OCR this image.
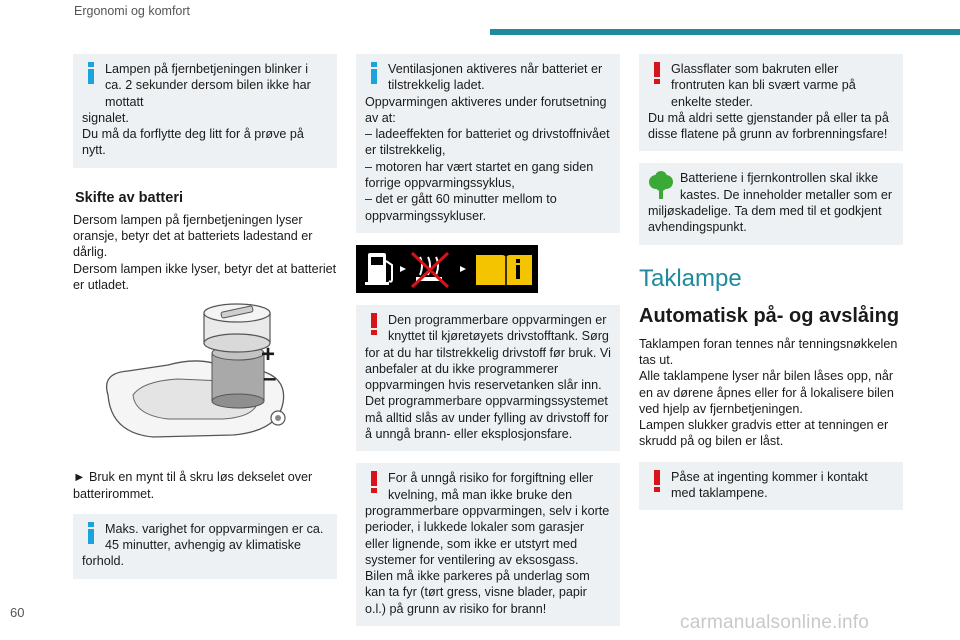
Ergonomi og komfort
Lampen på fjernbetjeningen blinker i ca. 2 sekunder dersom bilen ikke har mottatt

signalet.
Du må da forflytte deg litt for å prøve på nytt.

Skifte av batteri
Dersom lampen på fjernbetjeningen lyser oransje, betyr det at batteriets ladestand er dårlig.
Dersom lampen ikke lyser, betyr det at batteriet er utladet.
+
–
► Bruk en mynt til å skru løs dekselet over batterirommet.
Maks. varighet for oppvarmingen er ca. 45 minutter, avhengig av klimatiske

forhold.

Ventilasjonen aktiveres når batteriet er tilstrekkelig ladet.

Oppvarmingen aktiveres under forutsetning av at:
– ladeeffekten for batteriet og drivstoffnivået er tilstrekkelig,
– motoren har vært startet en gang siden forrige oppvarmingssyklus,
– det er gått 60 minutter mellom to oppvarmingssykluser.

Den programmerbare oppvarmingen er knyttet til kjøretøyets drivstofftank. Sørg

for at du har tilstrekkelig drivstoff før bruk. Vi anbefaler at du ikke programmerer oppvarmingen hvis reservetanken slår inn.
Det programmerbare oppvarmingssystemet må alltid slås av under fylling av drivstoff for å unngå brann- eller eksplosjonsfare.

For å unngå risiko for forgiftning eller kvelning, må man ikke bruke den

programmerbare oppvarmingen, selv i korte perioder, i lukkede lokaler som garasjer eller lignende, som ikke er utstyrt med systemer for ventilering av eksosgass.
Bilen må ikke parkeres på underlag som kan ta fyr (tørt gress, visne blader, papir o.l.) på grunn av risiko for brann!

Glassflater som bakruten eller frontruten kan bli svært varme på enkelte steder.

Du må aldri sette gjenstander på eller ta på disse flatene på grunn av forbrenningsfare!

Batteriene i fjernkontrollen skal ikke kastes. De inneholder metaller som er

miljøskadelige. Ta dem med til et godkjent avhendingspunkt.

Taklampe
Automatisk på- og avslåing
Taklampen foran tennes når tenningsnøkkelen tas ut.
Alle taklampene lyser når bilen låses opp, når en av dørene åpnes eller for å lokalisere bilen ved hjelp av fjernbetjeningen.
Lampen slukker gradvis etter at tenningen er skrudd på og bilen er låst.
Påse at ingenting kommer i kontakt med taklampene.

60	carmanualsonline.info
